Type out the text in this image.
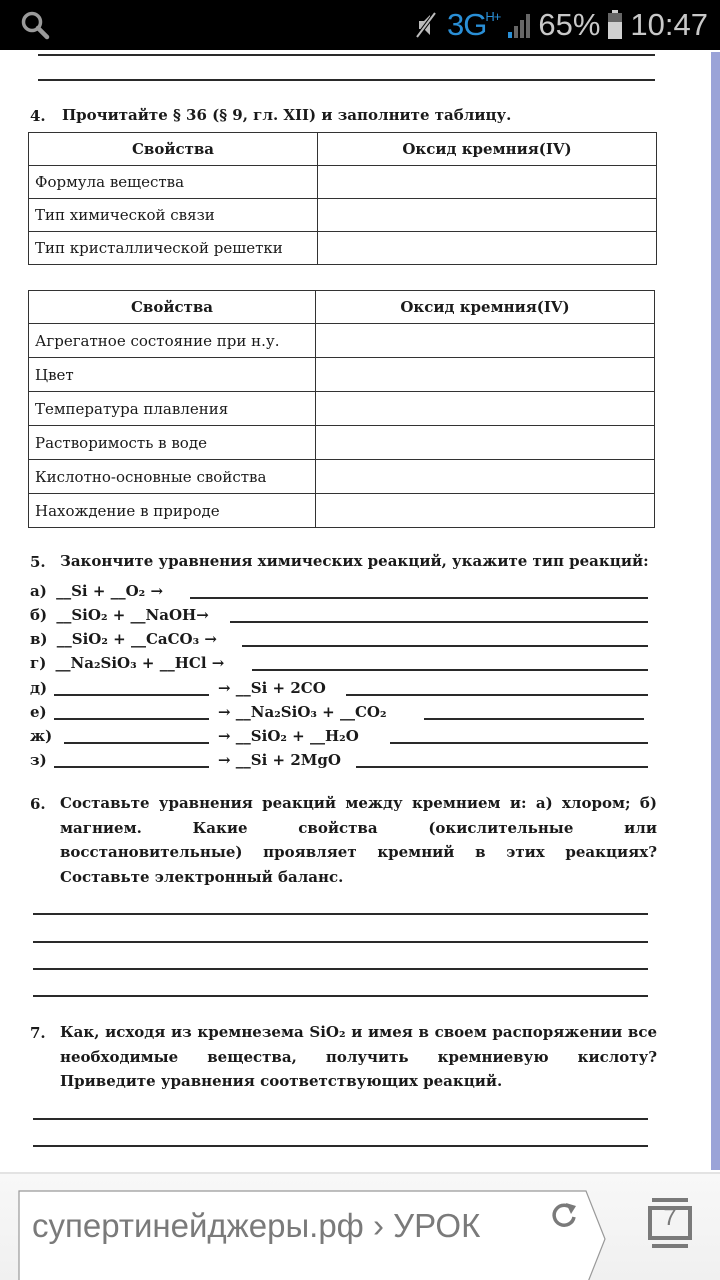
3G H+ 65% 10:47
4. Прочитайте § 36 (§ 9, гл. XII) и заполните таблицу.
Свойства	Оксид кремния(IV)
Формула вещества	
Тип химической связи	
Тип кристаллической решетки	
Свойства	Оксид кремния(IV)
Агрегатное состояние при н.у.	
Цвет	
Температура плавления	
Растворимость в воде	
Кислотно-основные свойства	
Нахождение в природе	
5. Закончите уравнения химических реакций, укажите тип реакций:
а) __Si + __O₂ →
б) __SiO₂ + __NaOH→
в) __SiO₂ + __CaCO₃ →
г) __Na₂SiO₃ + __HCl →
д)	→ __Si + 2CO
е)	→ __Na₂SiO₃ + __CO₂
ж)	→ __SiO₂ + __H₂O
з)	→ __Si + 2MgO
6. Составьте уравнения реакций между кремнием и: а) хлором; б) магнием. Какие свойства (окислительные или восстановительные) проявляет кремний в этих реакциях? Составьте электронный баланс.
7. Как, исходя из кремнезема SiO₂ и имея в своем распоряжении все необходимые вещества, получить кремниевую кислоту? Приведите уравнения соответствующих реакций.
супертинейджеры.рф › УРОК	7
